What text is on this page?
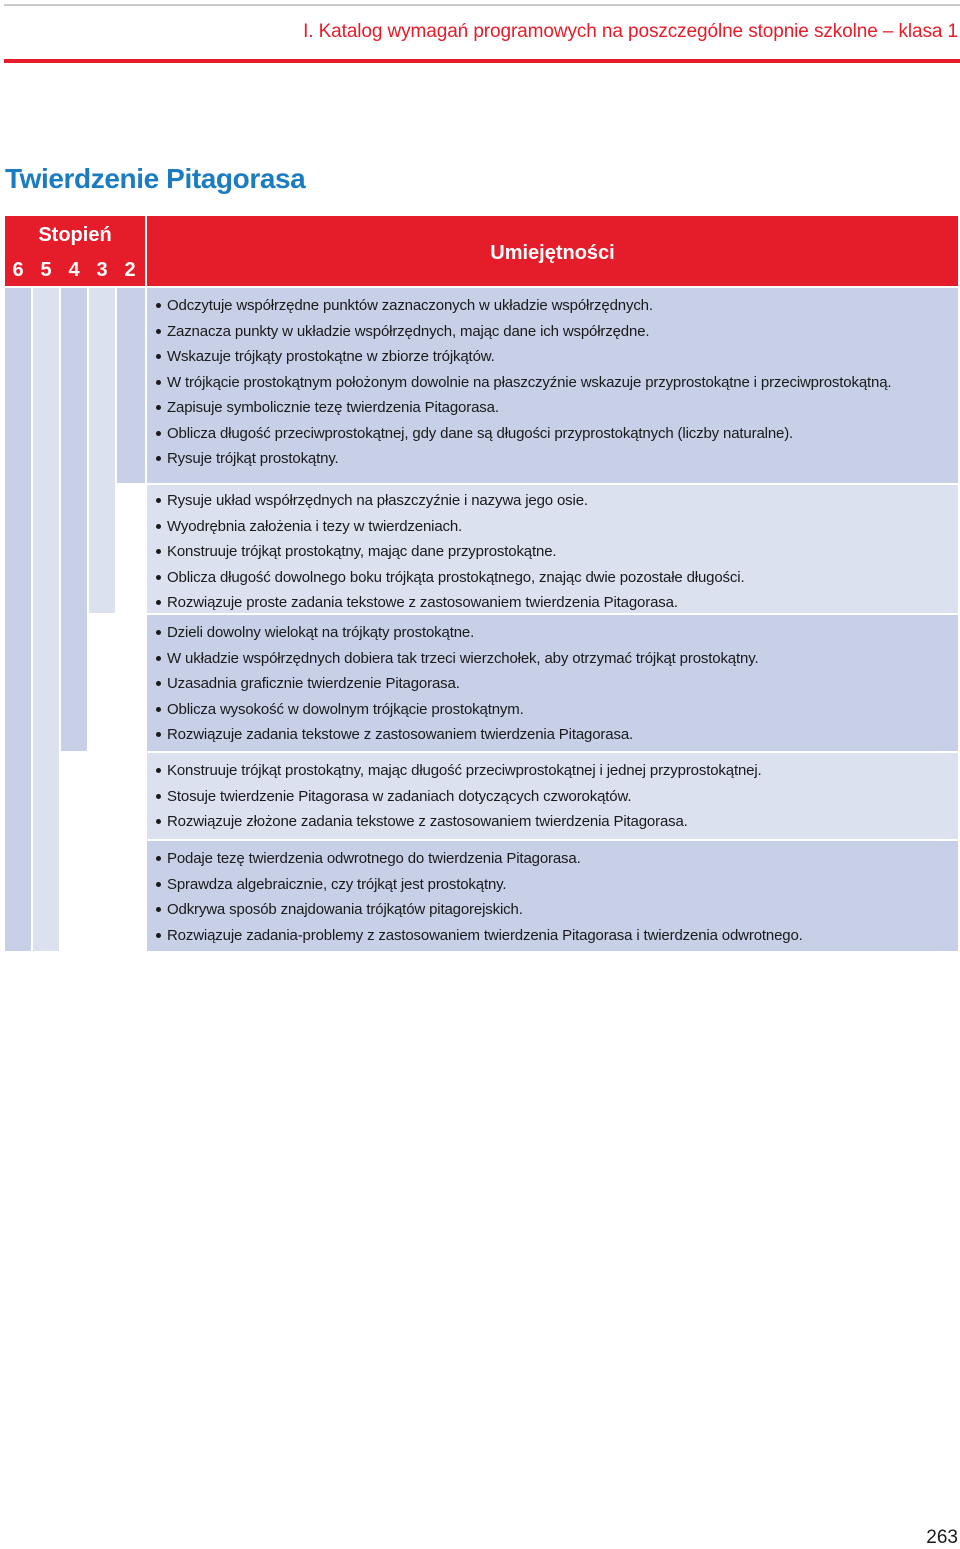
I. Katalog wymagań programowych na poszczególne stopnie szkolne – klasa 1
Twierdzenie Pitagorasa
Stopień
6 5 4 3 2
Umiejętności
Odczytuje współrzędne punktów zaznaczonych w układzie współrzędnych.
Zaznacza punkty w układzie współrzędnych, mając dane ich współrzędne.
Wskazuje trójkąty prostokątne w zbiorze trójkątów.
W trójkącie prostokątnym położonym dowolnie na płaszczyźnie wskazuje przyprostokątne i przeciwprostokątną.
Zapisuje symbolicznie tezę twierdzenia Pitagorasa.
Oblicza długość przeciwprostokątnej, gdy dane są długości przyprostokątnych (liczby naturalne).
Rysuje trójkąt prostokątny.
Rysuje układ współrzędnych na płaszczyźnie i nazywa jego osie.
Wyodrębnia założenia i tezy w twierdzeniach.
Konstruuje trójkąt prostokątny, mając dane przyprostokątne.
Oblicza długość dowolnego boku trójkąta prostokątnego, znając dwie pozostałe długości.
Rozwiązuje proste zadania tekstowe z zastosowaniem twierdzenia Pitagorasa.
Dzieli dowolny wielokąt na trójkąty prostokątne.
W układzie współrzędnych dobiera tak trzeci wierzchołek, aby otrzymać trójkąt prostokątny.
Uzasadnia graficznie twierdzenie Pitagorasa.
Oblicza wysokość w dowolnym trójkącie prostokątnym.
Rozwiązuje zadania tekstowe z zastosowaniem twierdzenia Pitagorasa.
Konstruuje trójkąt prostokątny, mając długość przeciwprostokątnej i jednej przyprostokątnej.
Stosuje twierdzenie Pitagorasa w zadaniach dotyczących czworokątów.
Rozwiązuje złożone zadania tekstowe z zastosowaniem twierdzenia Pitagorasa.
Podaje tezę twierdzenia odwrotnego do twierdzenia Pitagorasa.
Sprawdza algebraicznie, czy trójkąt jest prostokątny.
Odkrywa sposób znajdowania trójkątów pitagorejskich.
Rozwiązuje zadania-problemy z zastosowaniem twierdzenia Pitagorasa i twierdzenia odwrotnego.
263
